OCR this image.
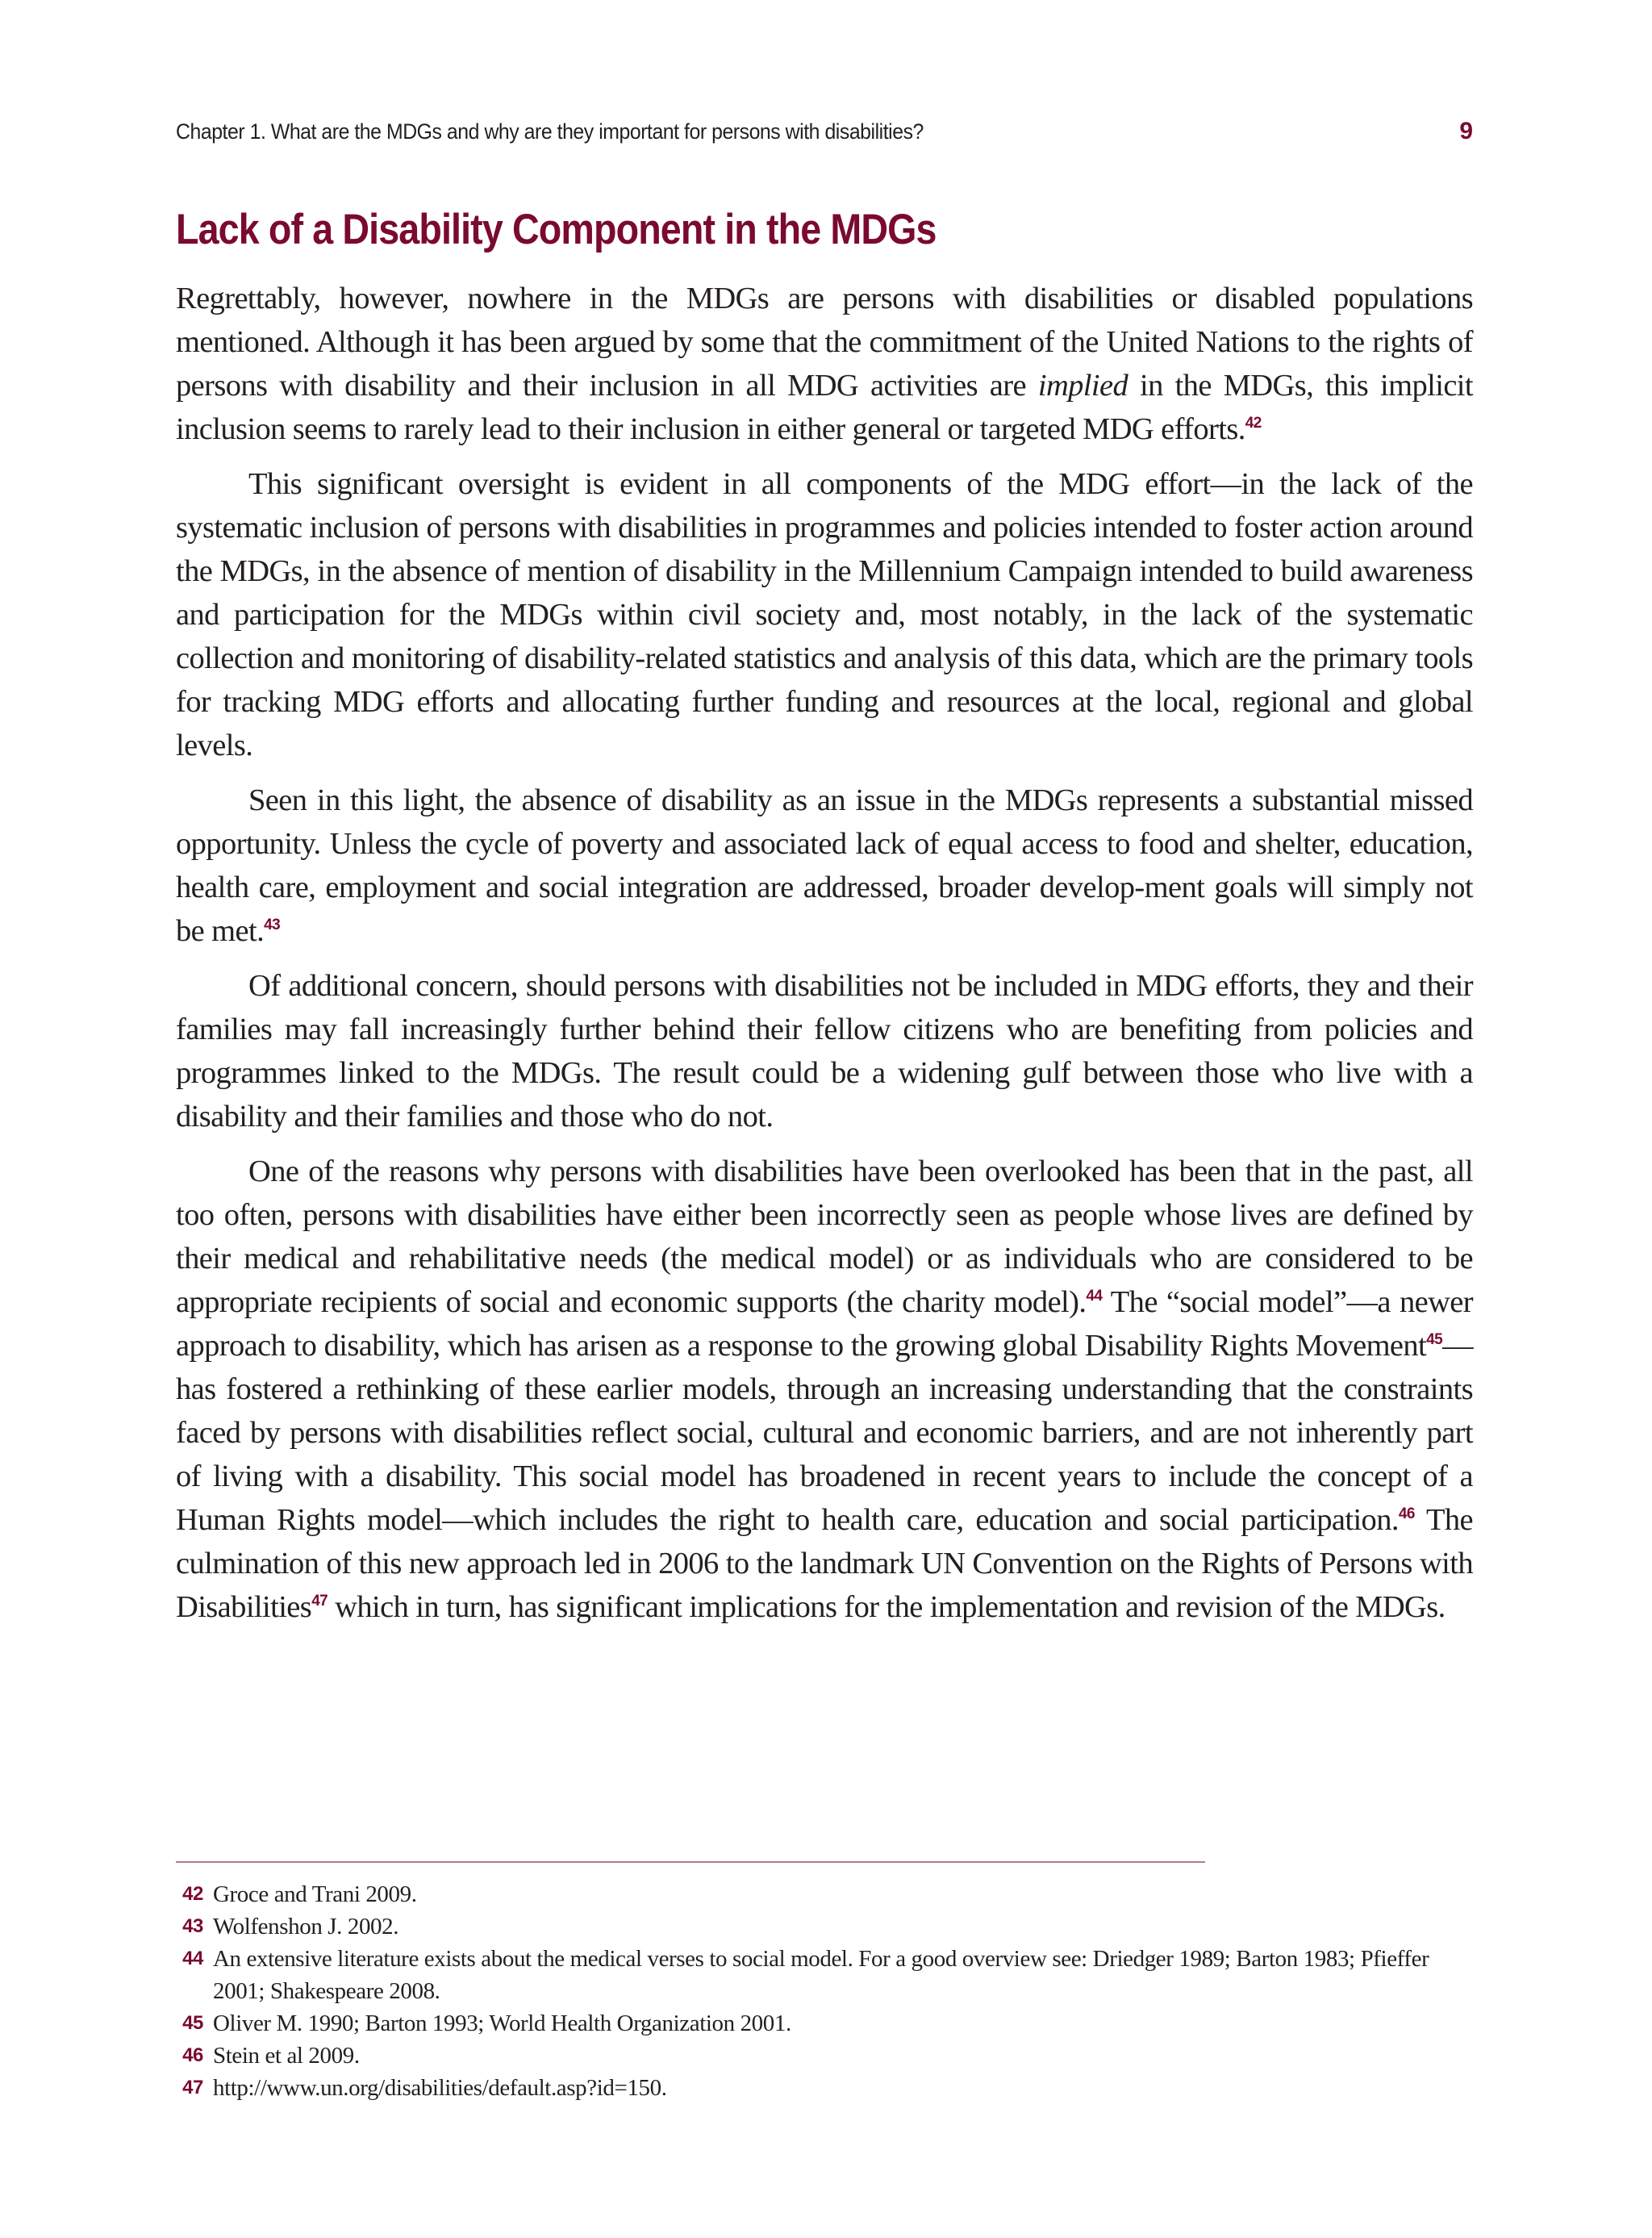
Chapter 1. What are the MDGs and why are they important for persons with disabilities?	9
Lack of a Disability Component in the MDGs

Regrettably, however, nowhere in the MDGs are persons with disabilities or disabled populations mentioned. Although it has been argued by some that the commitment of the United Nations to the rights of persons with disability and their inclusion in all MDG activities are implied in the MDGs, this implicit inclusion seems to rarely lead to their inclusion in either general or targeted MDG efforts.$^{42}$

This significant oversight is evident in all components of the MDG effort—in the lack of the systematic inclusion of persons with disabilities in programmes and policies intended to foster action around the MDGs, in the absence of mention of disability in the Millennium Campaign intended to build awareness and participation for the MDGs within civil society and, most notably, in the lack of the systematic collection and monitoring of disability-related statistics and analysis of this data, which are the primary tools for tracking MDG efforts and allocating further funding and resources at the local, regional and global levels.

Seen in this light, the absence of disability as an issue in the MDGs represents a substantial missed opportunity. Unless the cycle of poverty and associated lack of equal access to food and shelter, education, health care, employment and social integration are addressed, broader develop-ment goals will simply not be met.$^{43}$

Of additional concern, should persons with disabilities not be included in MDG efforts, they and their families may fall increasingly further behind their fellow citizens who are benefiting from policies and programmes linked to the MDGs. The result could be a widening gulf between those who live with a disability and their families and those who do not.

One of the reasons why persons with disabilities have been overlooked has been that in the past, all too often, persons with disabilities have either been incorrectly seen as people whose lives are defined by their medical and rehabilitative needs (the medical model) or as individuals who are considered to be appropriate recipients of social and economic supports (the charity model).$^{44}$ The “social model”—a newer approach to disability, which has arisen as a response to the growing global Disability Rights Movement$^{45}$—has fostered a rethinking of these earlier models, through an increasing understanding that the constraints faced by persons with disabilities reflect social, cultural and economic barriers, and are not inherently part of living with a disability. This social model has broadened in recent years to include the concept of a Human Rights model—which includes the right to health care, education and social participation.$^{46}$ The culmination of this new approach led in 2006 to the landmark UN Convention on the Rights of Persons with Disabilities$^{47}$ which in turn, has significant implications for the implementation and revision of the MDGs.

42 Groce and Trani 2009.
43 Wolfenshon J. 2002.
44 An extensive literature exists about the medical verses to social model. For a good overview see: Driedger 1989; Barton 1983; Pfieffer 2001; Shakespeare 2008.
45 Oliver M. 1990; Barton 1993; World Health Organization 2001.
46 Stein et al 2009.
47 http://www.un.org/disabilities/default.asp?id=150.
